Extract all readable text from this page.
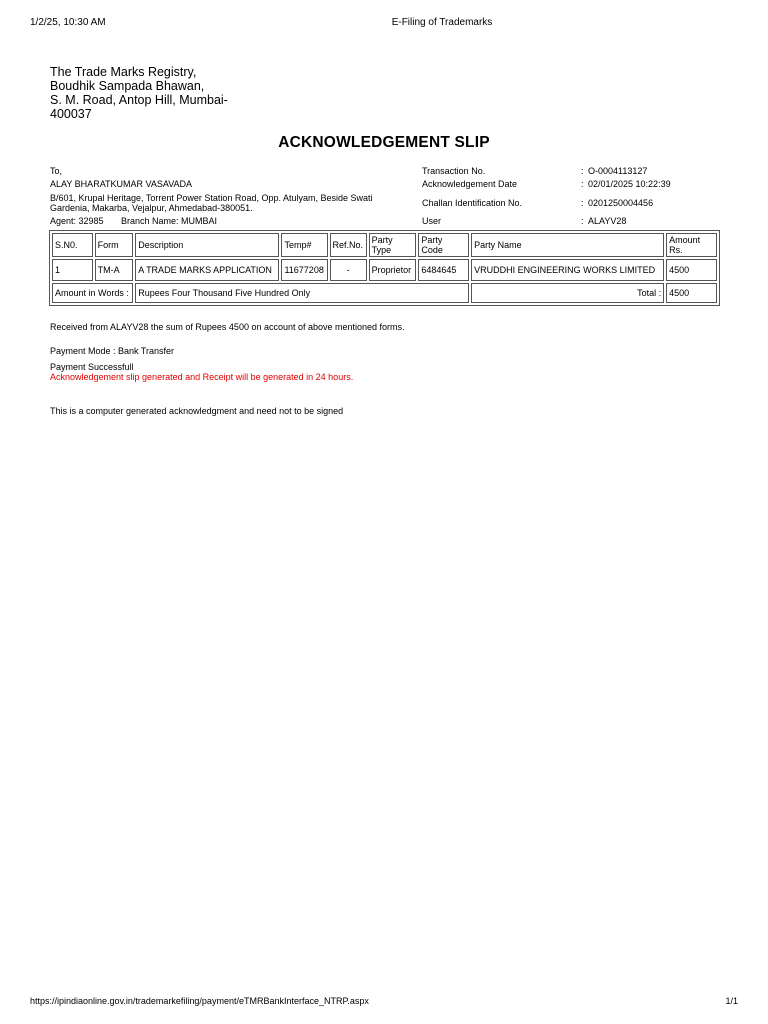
1/2/25, 10:30 AM	E-Filing of Trademarks
The Trade Marks Registry,
Boudhik Sampada Bhawan,
S. M. Road, Antop Hill, Mumbai-
400037
ACKNOWLEDGEMENT SLIP
To,
ALAY BHARATKUMAR VASAVADA
B/601, Krupal Heritage, Torrent Power Station Road, Opp. Atulyam, Beside Swati
Gardenia, Makarba, Vejalpur, Ahmedabad-380051.
Agent: 32985 Branch Name: MUMBAI
Transaction No.	: O-0004113127
Acknowledgement Date	: 02/01/2025 10:22:39
Challan Identification No.	: 0201250004456
User	: ALAYV28
S.N0.	Form	Description	Temp#	Ref.No.	Party Type	Party Code	Party Name	Amount Rs.
1	TM-A	A TRADE MARKS APPLICATION	11677208	-	Proprietor	6484645	VRUDDHI ENGINEERING WORKS LIMITED	4500
Amount in Words :		Rupees Four Thousand Five Hundred Only					Total :	4500
Received from ALAYV28 the sum of Rupees 4500 on account of above mentioned forms.
Payment Mode : Bank Transfer
Payment Successfull
Acknowledgement slip generated and Receipt will be generated in 24 hours.
This is a computer generated acknowledgment and need not to be signed
https://ipindiaonline.gov.in/trademarkefiling/payment/eTMRBankInterface_NTRP.aspx	1/1
